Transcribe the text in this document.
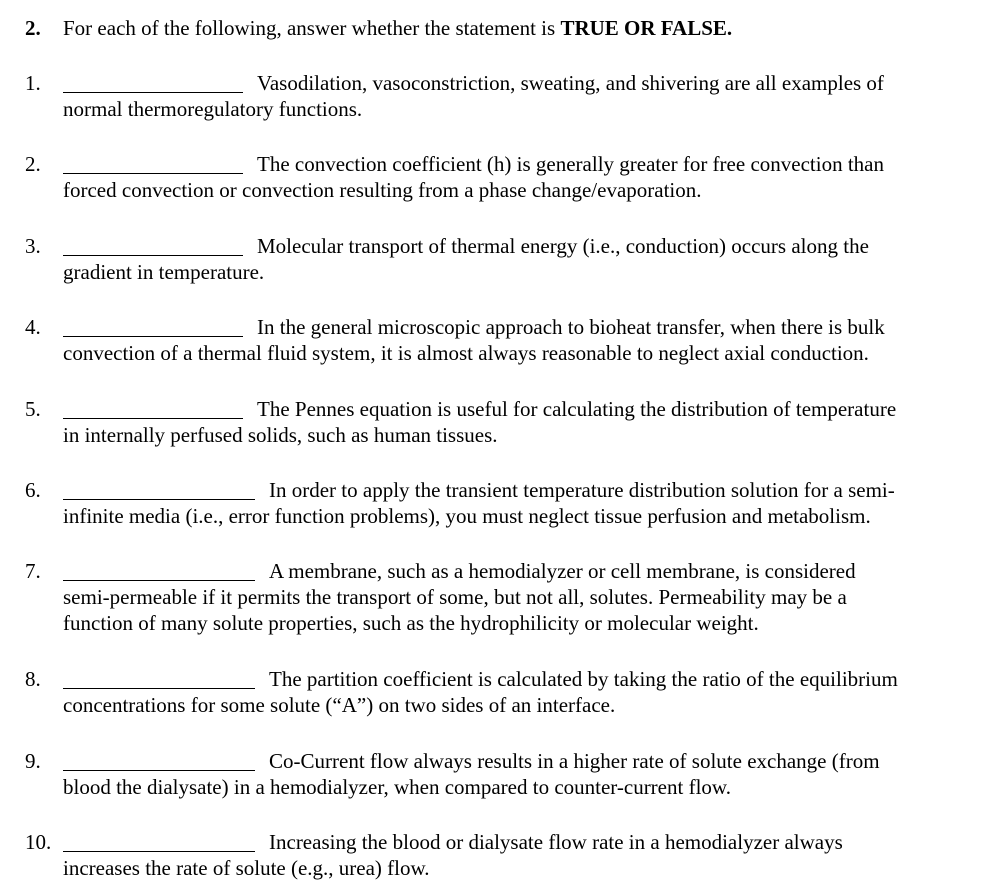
2. For each of the following, answer whether the statement is TRUE OR FALSE.
1.	Vasodilation, vasoconstriction, sweating, and shivering are all examples of
normal thermoregulatory functions.
2.	The convection coefficient (h) is generally greater for free convection than
forced convection or convection resulting from a phase change/evaporation.
3.	Molecular transport of thermal energy (i.e., conduction) occurs along the
gradient in temperature.
4.	In the general microscopic approach to bioheat transfer, when there is bulk
convection of a thermal fluid system, it is almost always reasonable to neglect axial conduction.
5.	The Pennes equation is useful for calculating the distribution of temperature
in internally perfused solids, such as human tissues.
6.	In order to apply the transient temperature distribution solution for a semi-
infinite media (i.e., error function problems), you must neglect tissue perfusion and metabolism.
7.	A membrane, such as a hemodialyzer or cell membrane, is considered
semi-permeable if it permits the transport of some, but not all, solutes. Permeability may be a
function of many solute properties, such as the hydrophilicity or molecular weight.
8.	The partition coefficient is calculated by taking the ratio of the equilibrium
concentrations for some solute (“A”) on two sides of an interface.
9.	Co-Current flow always results in a higher rate of solute exchange (from
blood the dialysate) in a hemodialyzer, when compared to counter-current flow.
10.	Increasing the blood or dialysate flow rate in a hemodialyzer always
increases the rate of solute (e.g., urea) flow.
